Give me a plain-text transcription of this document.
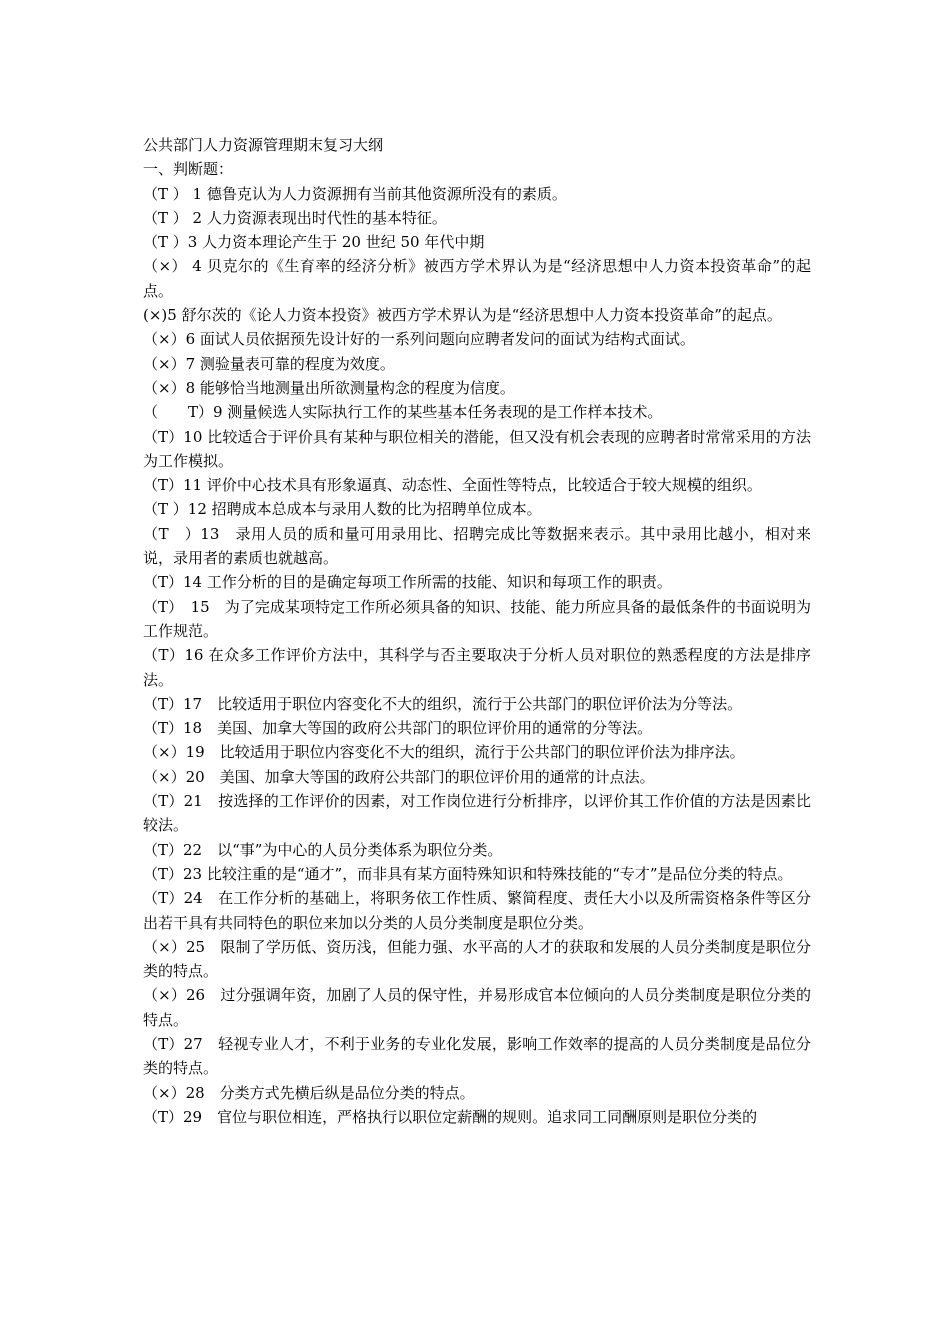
公共部门人力资源管理期末复习大纲

一、判断题：

（T ） 1 德鲁克认为人力资源拥有当前其他资源所没有的素质。

（T ） 2 人力资源表现出时代性的基本特征。

（T ）3 人力资本理论产生于 20 世纪 50 年代中期

（×） 4 贝克尔的《生育率的经济分析》被西方学术界认为是“经济思想中人力资本投资革命”的起点。

(×)5 舒尔茨的《论人力资本投资》被西方学术界认为是“经济思想中人力资本投资革命”的起点。

（×）6 面试人员依据预先设计好的一系列问题向应聘者发问的面试为结构式面试。

（×）7 测验量表可靠的程度为效度。

（×）8 能够恰当地测量出所欲测量构念的程度为信度。

（　　T）9 测量候选人实际执行工作的某些基本任务表现的是工作样本技术。

（T）10 比较适合于评价具有某种与职位相关的潜能，但又没有机会表现的应聘者时常常采用的方法为工作模拟。

（T）11 评价中心技术具有形象逼真、动态性、全面性等特点，比较适合于较大规模的组织。

（T ）12 招聘成本总成本与录用人数的比为招聘单位成本。

（T　）13　录用人员的质和量可用录用比、招聘完成比等数据来表示。其中录用比越小，相对来说，录用者的素质也就越高。

（T）14 工作分析的目的是确定每项工作所需的技能、知识和每项工作的职责。

（T）　15　为了完成某项特定工作所必须具备的知识、技能、能力所应具备的最低条件的书面说明为工作规范。

（T）16 在众多工作评价方法中，其科学与否主要取决于分析人员对职位的熟悉程度的方法是排序法。

（T）17　比较适用于职位内容变化不大的组织，流行于公共部门的职位评价法为分等法。

（T）18　美国、加拿大等国的政府公共部门的职位评价用的通常的分等法。

（×）19　比较适用于职位内容变化不大的组织，流行于公共部门的职位评价法为排序法。

（×）20　美国、加拿大等国的政府公共部门的职位评价用的通常的计点法。

（T）21　按选择的工作评价的因素，对工作岗位进行分析排序，以评价其工作价值的方法是因素比较法。

（T）22　以“事”为中心的人员分类体系为职位分类。

（T）23 比较注重的是“通才”，而非具有某方面特殊知识和特殊技能的“专才”是品位分类的特点。

（T）24　在工作分析的基础上，将职务依工作性质、繁简程度、责任大小以及所需资格条件等区分出若干具有共同特色的职位来加以分类的人员分类制度是职位分类。

（×）25　限制了学历低、资历浅，但能力强、水平高的人才的获取和发展的人员分类制度是职位分类的特点。

（×）26　过分强调年资，加剧了人员的保守性，并易形成官本位倾向的人员分类制度是职位分类的特点。

（T）27　轻视专业人才，不利于业务的专业化发展，影响工作效率的提高的人员分类制度是品位分类的特点。

（×）28　分类方式先横后纵是品位分类的特点。

（T）29　官位与职位相连，严格执行以职位定薪酬的规则。追求同工同酬原则是职位分类的
